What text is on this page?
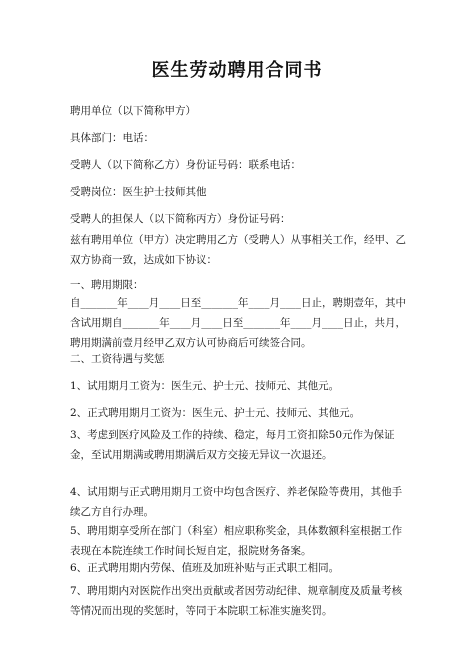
医生劳动聘用合同书
聘用单位（以下简称甲方）
具体部门：电话：
受聘人（以下简称乙方）身份证号码：联系电话：
受聘岗位：医生护士技师其他
受聘人的担保人（以下简称丙方）身份证号码：
兹有聘用单位（甲方）决定聘用乙方（受聘人）从事相关工作，经甲、乙双方协商一致，达成如下协议：
一、聘用期限：
自_______年____月____日至_______年____月____日止，聘期壹年，其中含试用期自_______年____月____日至_______年____月____日止，共月，聘用期满前壹月经甲乙双方认可协商后可续签合同。
二、工资待遇与奖惩
1、试用期月工资为：医生元、护士元、技师元、其他元。
2、正式聘用期月工资为：医生元、护士元、技师元、其他元。
3、考虑到医疗风险及工作的持续、稳定，每月工资扣除50元作为保证金，至试用期满或聘用期满后双方交接无异议一次退还。
4、试用期与正式聘用期月工资中均包含医疗、养老保险等费用，其他手续乙方自行办理。
5、聘用期享受所在部门（科室）相应职称奖金，具体数额科室根据工作表现在本院连续工作时间长短自定，报院财务备案。
6、正式聘用期内劳保、值班及加班补贴与正式职工相同。
7、聘用期内对医院作出突出贡献或者因劳动纪律、规章制度及质量考核等情况而出现的奖惩时，等同于本院职工标准实施奖罚。
